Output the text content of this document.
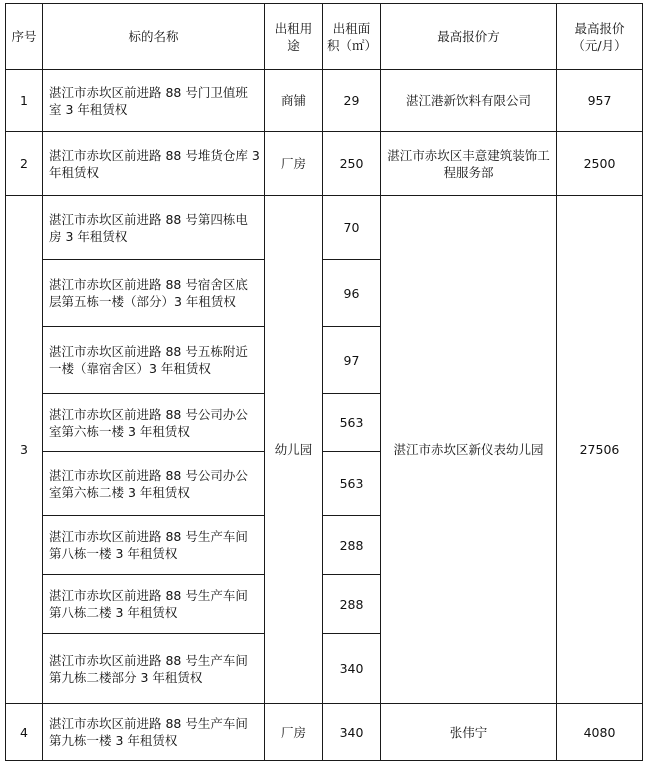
序号	标的名称	出租用途	出租面积（㎡）	最高报价方	最高报价（元/月）
1	湛江市赤坎区前进路 88 号门卫值班室 3 年租赁权	商铺	29	湛江港新饮料有限公司	957
2	湛江市赤坎区前进路 88 号堆货仓库 3 年租赁权	厂房	250	湛江市赤坎区丰意建筑装饰工程服务部	2500
3	湛江市赤坎区前进路 88 号第四栋电房 3 年租赁权	幼儿园	70	湛江市赤坎区新仪表幼儿园	27506
	湛江市赤坎区前进路 88 号宿舍区底层第五栋一楼（部分）3 年租赁权		96		
	湛江市赤坎区前进路 88 号五栋附近一楼（靠宿舍区）3 年租赁权		97		
	湛江市赤坎区前进路 88 号公司办公室第六栋一楼 3 年租赁权		563		
	湛江市赤坎区前进路 88 号公司办公室第六栋二楼 3 年租赁权		563		
	湛江市赤坎区前进路 88 号生产车间第八栋一楼 3 年租赁权		288		
	湛江市赤坎区前进路 88 号生产车间第八栋二楼 3 年租赁权		288		
	湛江市赤坎区前进路 88 号生产车间第九栋二楼部分 3 年租赁权		340		
4	湛江市赤坎区前进路 88 号生产车间第九栋一楼 3 年租赁权	厂房	340	张伟宁	4080
